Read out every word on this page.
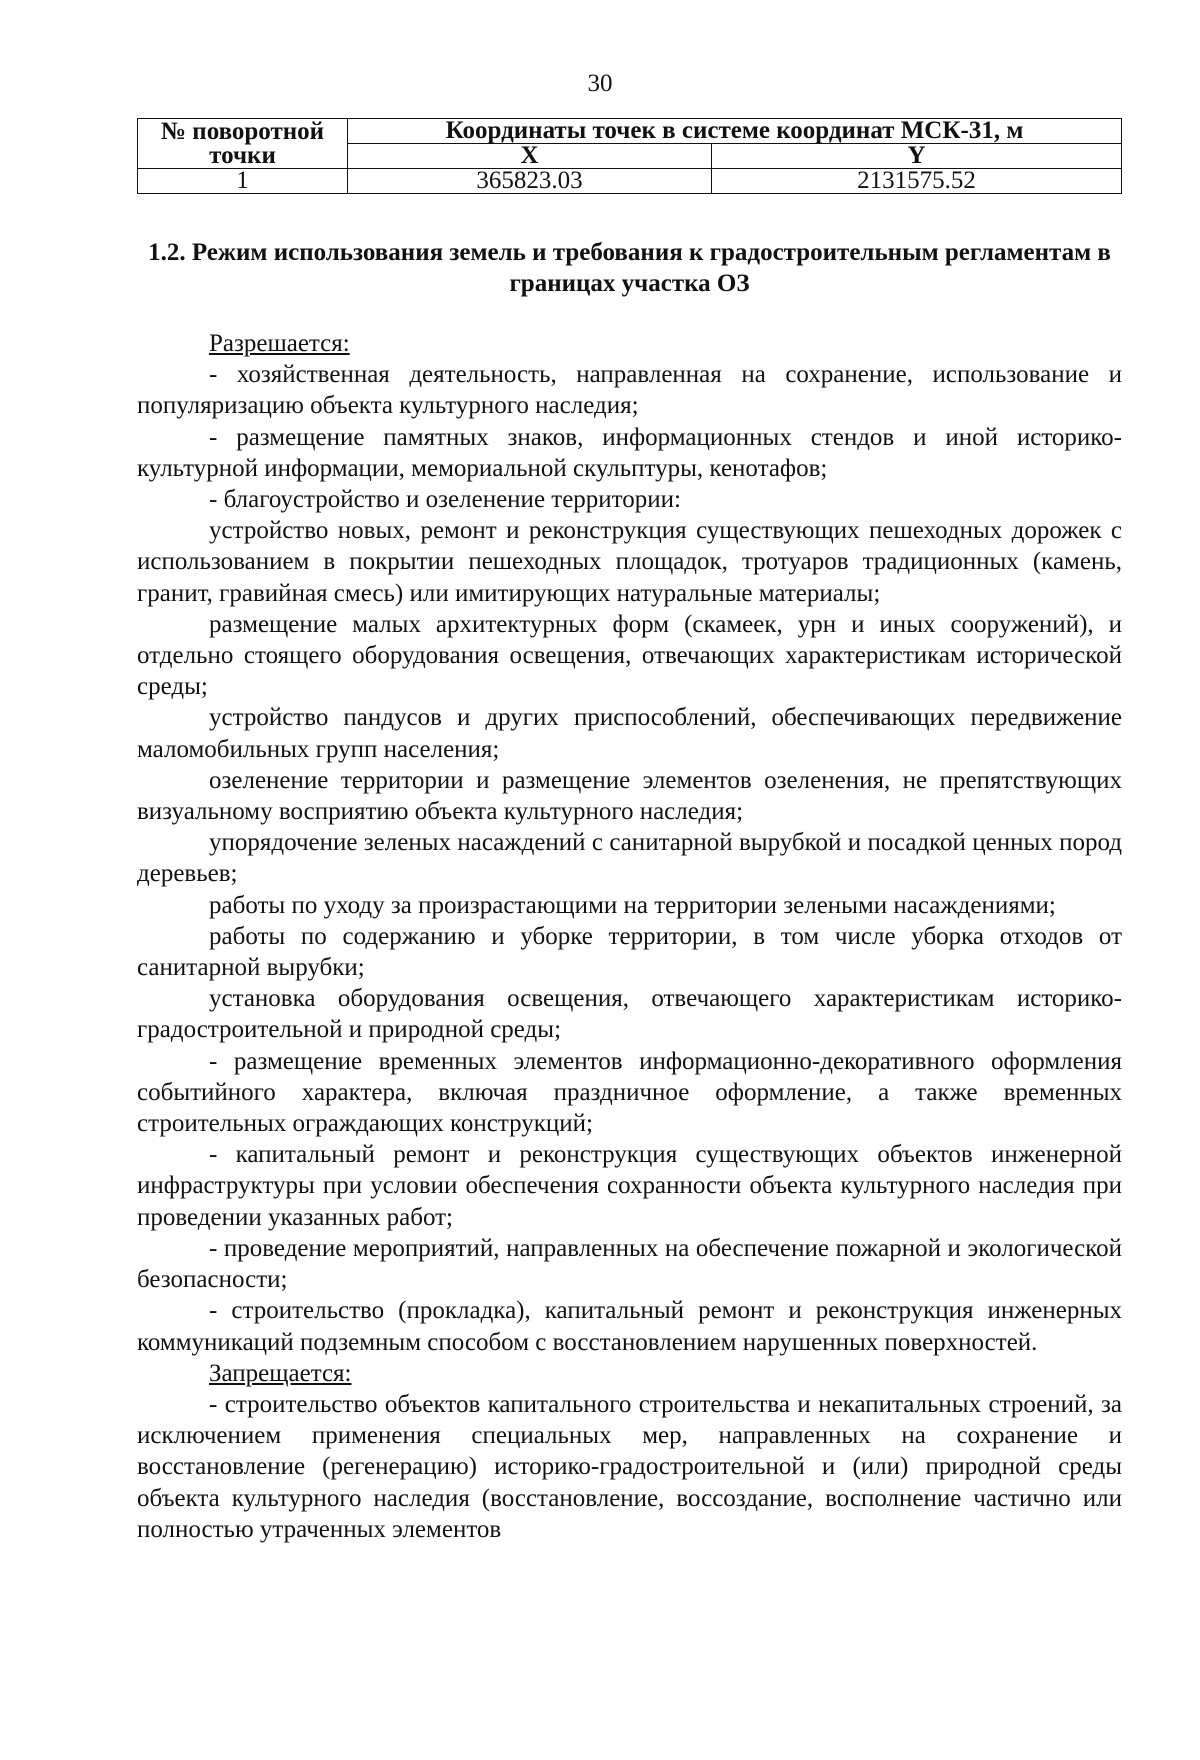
30
№ поворотной точки	Координаты точек в системе координат МСК-31, м	
	X	Y
1	365823.03	2131575.52
1.2. Режим использования земель и требования к градостроительным регламентам в границах участка ОЗ

Разрешается:

- хозяйственная деятельность, направленная на сохранение, использование и популяризацию объекта культурного наследия;

- размещение памятных знаков, информационных стендов и иной историко-культурной информации, мемориальной скульптуры, кенотафов;

- благоустройство и озеленение территории:

устройство новых, ремонт и реконструкция существующих пешеходных дорожек с использованием в покрытии пешеходных площадок, тротуаров традиционных (камень, гранит, гравийная смесь) или имитирующих натуральные материалы;

размещение малых архитектурных форм (скамеек, урн и иных сооружений), и отдельно стоящего оборудования освещения, отвечающих характеристикам исторической среды;

устройство пандусов и других приспособлений, обеспечивающих передвижение маломобильных групп населения;

озеленение территории и размещение элементов озеленения, не препятствующих визуальному восприятию объекта культурного наследия;

упорядочение зеленых насаждений с санитарной вырубкой и посадкой ценных пород деревьев;

работы по уходу за произрастающими на территории зелеными насаждениями;

работы по содержанию и уборке территории, в том числе уборка отходов от санитарной вырубки;

установка оборудования освещения, отвечающего характеристикам историко-градостроительной и природной среды;

- размещение временных элементов информационно-декоративного оформления событийного характера, включая праздничное оформление, а также временных строительных ограждающих конструкций;

- капитальный ремонт и реконструкция существующих объектов инженерной инфраструктуры при условии обеспечения сохранности объекта культурного наследия при проведении указанных работ;

- проведение мероприятий, направленных на обеспечение пожарной и экологической безопасности;

- строительство (прокладка), капитальный ремонт и реконструкция инженерных коммуникаций подземным способом с восстановлением нарушенных поверхностей.

Запрещается:

- строительство объектов капитального строительства и некапитальных строений, за исключением применения специальных мер, направленных на сохранение и восстановление (регенерацию) историко-градостроительной и (или) природной среды объекта культурного наследия (восстановление, воссоздание, восполнение частично или полностью утраченных элементов
